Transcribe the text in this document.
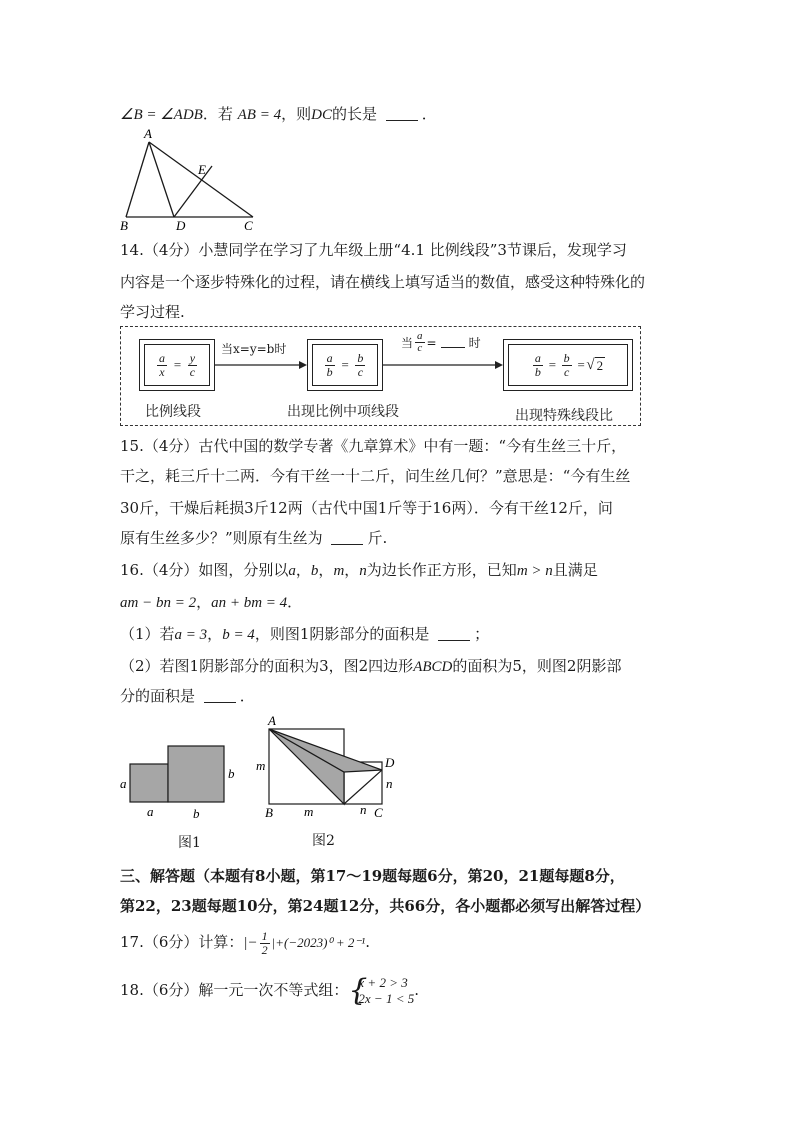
∠B = ∠ADB．若 AB = 4，则DC的长是	．
A
B	D	C
E
14.（4分）小慧同学在学习了九年级上册“4.1 比例线段”3节课后，发现学习
内容是一个逐步特殊化的过程，请在横线上填写适当的数值，感受这种特殊化的
学习过程.
$\frac{a}{x} = \frac{y}{c}$
当x=y=b时
$\frac{a}{b} = \frac{b}{c}$
当 $\frac{a}{c}$ =	时
$\frac{a}{b} = \frac{b}{c}$ = √ 2
比例线段	出现比例中项线段	出现特殊线段比
15.（4分）古代中国的数学专著《九章算术》中有一题：“今有生丝三十斤，
干之，耗三斤十二两．今有干丝一十二斤，问生丝几何？”意思是：“今有生丝
30斤，干燥后耗损3斤12两（古代中国1斤等于16两）．今有干丝12斤，问
原有生丝多少？”则原有生丝为	斤.
16.（4分）如图，分别以a，b，m，n为边长作正方形，已知m > n且满足
am − bn = 2，an + bm = 4．
（1）若a = 3，b = 4，则图1阴影部分的面积是	；
（2）若图1阴影部分的面积为3，图2四边形ABCD的面积为5，则图2阴影部
分的面积是	．
a
b
a	b
图1
A
D
B	C
m
m
n
n
图2
三、解答题（本题有8小题，第17～19题每题6分，第20，21题每题8分，
第22，23题每题10分，第24题12分，共66分，各小题都必须写出解答过程）
17.（6分）计算：|− $\frac{1}{2} |+(-2023)^0 + 2^{-1}$.
18.（6分）解一元一次不等式组： {
x + 2 > 3
2x − 1 < 5 .
